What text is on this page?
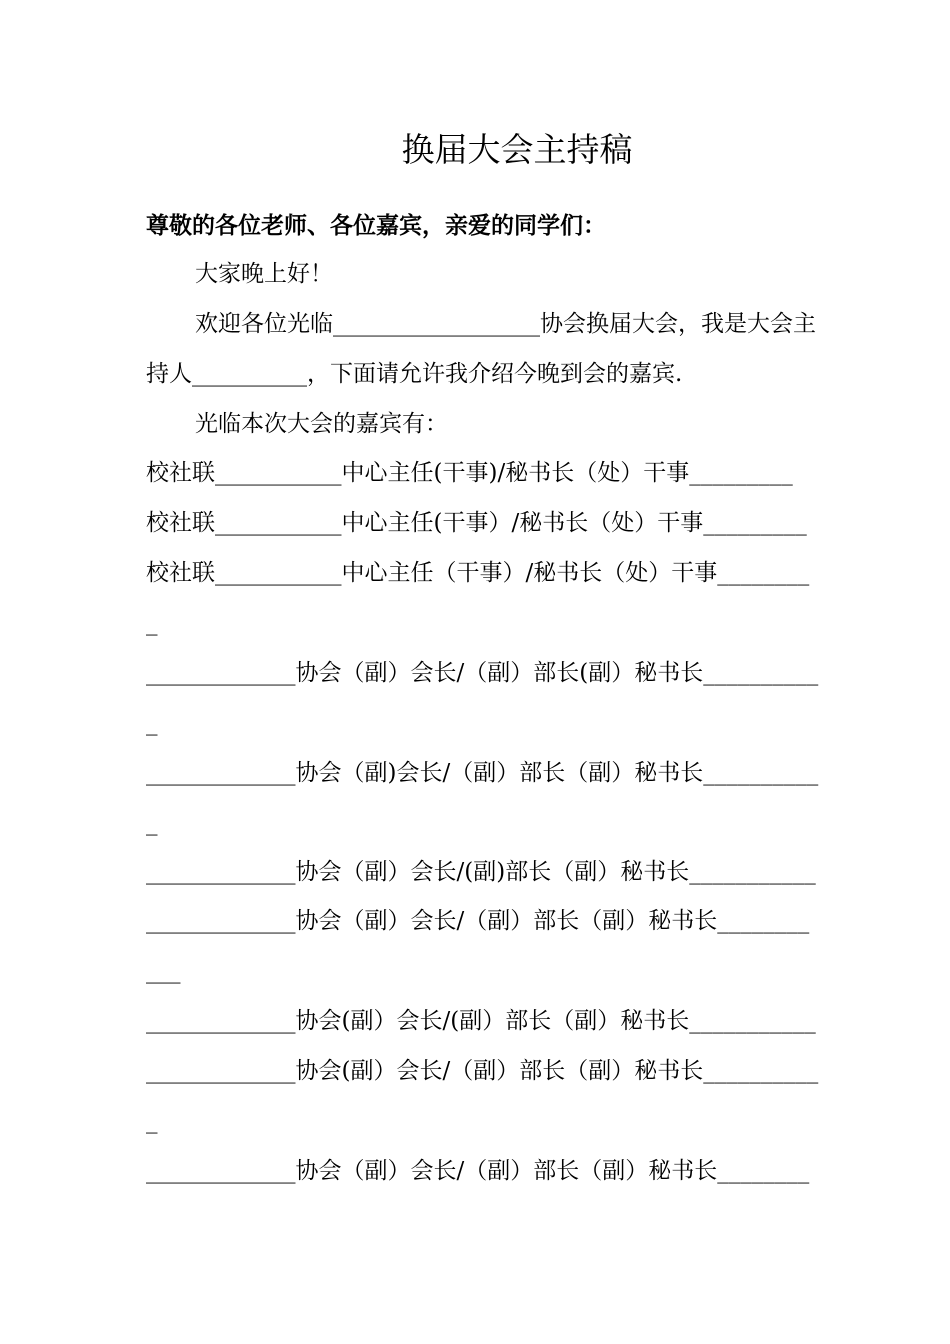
换届大会主持稿
尊敬的各位老师、各位嘉宾，亲爱的同学们：
大家晚上好！
欢迎各位光临__________________协会换届大会，我是大会主
持人__________，下面请允许我介绍今晚到会的嘉宾.
光临本次大会的嘉宾有：
校社联___________中心主任(干事)/秘书长（处）干事_________
校社联___________中心主任(干事）/秘书长（处）干事_________
校社联___________中心主任（干事）/秘书长（处）干事________
_
_____________协会（副）会长/（副）部长(副）秘书长__________
_
_____________协会（副)会长/（副）部长（副）秘书长__________
_
_____________协会（副）会长/(副)部长（副）秘书长___________
_____________协会（副）会长/（副）部长（副）秘书长________
___
_____________协会(副）会长/(副）部长（副）秘书长___________
_____________协会(副）会长/（副）部长（副）秘书长__________
_
_____________协会（副）会长/（副）部长（副）秘书长________
